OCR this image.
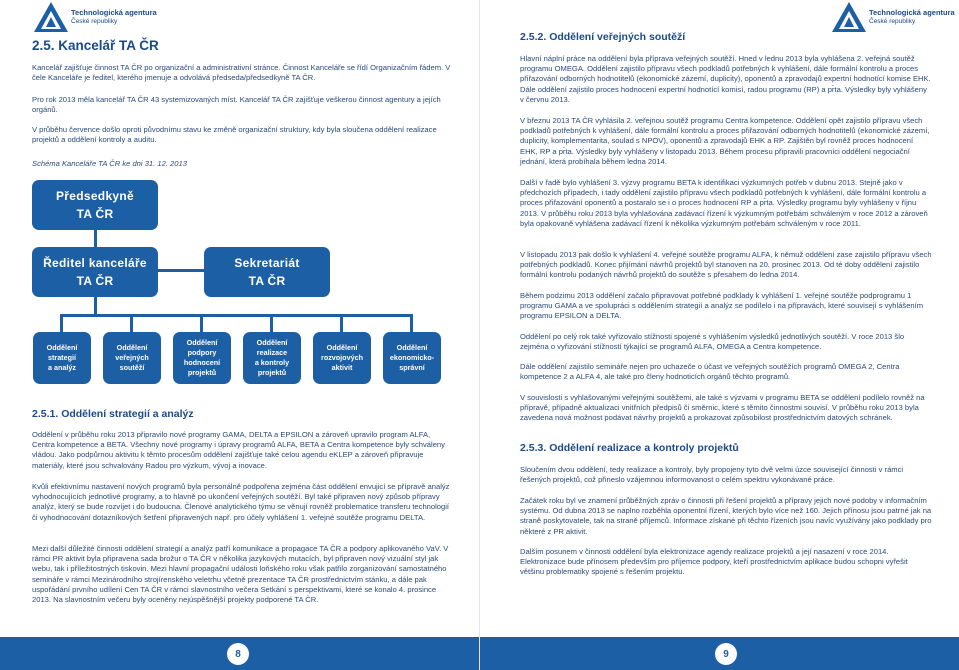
Technologická agentura
České republiky
2.5. Kancelář TA ČR

Kancelář zajišťuje činnost TA ČR po organizační a administrativní stránce. Činnost Kanceláře se řídí Organizačním řádem. V čele Kanceláře je ředitel, kterého jmenuje a odvolává předseda/předsedkyně TA ČR.

Pro rok 2013 měla kancelář TA ČR 43 systemizovaných míst. Kancelář TA ČR zajišťuje veškerou činnost agentury a jejích orgánů.

V průběhu července došlo oproti původnímu stavu ke změně organizační struktury, kdy byla sloučena oddělení realizace projektů a oddělení kontroly a auditu.

Schéma Kanceláře TA ČR ke dni 31. 12. 2013

Předsedkyně
TA ČR
Ředitel kanceláře
TA ČR
Sekretariát
TA ČR
Oddělení
strategií
a analýz
Oddělení
veřejných
soutěží
Oddělení
podpory
hodnocení
projektů
Oddělení
realizace
a kontroly
projektů
Oddělení
rozvojových
aktivit
Oddělení
ekonomicko-
správní
2.5.1. Oddělení strategií a analýz

Oddělení v průběhu roku 2013 připravilo nové programy GAMA, DELTA a EPSILON a zároveň upravilo program ALFA, Centra kompetence a BETA. Všechny nové programy i úpravy programů ALFA, BETA a Centra kompetence byly schváleny vládou. Jako podpůrnou aktivitu k těmto procesům oddělení zajišťuje také celou agendu eKLEP a zároveň připravuje materiály, které jsou schvalovány Radou pro výzkum, vývoj a inovace.

Kvůli efektivnímu nastavení nových programů byla personálně podpořena zejména část oddělení envujicí se přípravě analýz vyhodnocujících jednotlivé programy, a to hlavně po ukončení veřejných soutěží. Byl také připraven nový způsob přípravy analýz, který se bude rozvíjet i do budoucna. Členové analytického týmu se věnují rovněž problematice transferu technologií či vyhodnocování dotazníkových šetření připravených např. pro účely vyhlášení 1. veřejné soutěže programu DELTA.

Mezi další důležité činnosti oddělení strategií a analýz patří komunikace a propagace TA ČR a podpory aplikovaného VaV. V rámci PR aktivit byla připravena sada brožur o TA ČR v několika jazykových mutacích, byl připraven nový vizuální styl jak webu, tak i příležitostných tiskovin. Mezi hlavní propagační události loňského roku však patřilo zorganizování samostatného semináře v rámci Mezinárodního strojírenského veletrhu včetně prezentace TA ČR prostřednictvím stánku, a dále pak uspořádání prvního udílení Cen TA ČR v rámci slavnostního večera Setkání s perspektivami, které se konalo 4. prosince 2013. Na slavnostním večeru byly oceněny nejúspěšnější projekty podporené TA ČR.

8
Technologická agentura
České republiky
2.5.2. Oddělení veřejných soutěží

Hlavní náplní práce na oddělení byla příprava veřejných soutěží. Hned v lednu 2013 byla vyhlášena 2. veřejná soutěž programu OMEGA. Oddělení zajistilo přípravu všech podkladů potřebných k vyhlášení, dále formální kontrolu a proces přiřazování odborných hodnotitelů (ekonomické zázemí, duplicity), oponentů a zpravodajů expertní hodnotící komise EHK. Dále oddělení zajistilo proces hodnocení expertní hodnotící komisí, radou programu (RP) a pr̄ta. Výsledky byly vyhlášeny v červnu 2013.

V březnu 2013 TA ČR vyhlásila 2. veřejnou soutěž programu Centra kompetence. Oddělení opět zajistilo přípravu všech podkladů potřebných k vyhlášení, dále formální kontrolu a proces přiřazování odborných hodnotitelů (ekonomické zázemí, duplicity, komplementarita, soulad s NPOV), oponentů a zpravodajů EHK a RP. Zajištěn byl rovněž proces hodnocení EHK, RP a pr̄ta. Výsledky byly vyhlášeny v listopadu 2013. Během procesu připravili pracovníci oddělení negociační jednání, která probíhala během ledna 2014.

Další v řadě bylo vyhlášení 3. výzvy programu BETA k identifikaci výzkumných potřeb v dubnu 2013. Stejně jako v předchozích případech, i tady oddělení zajistilo přípravu všech podkladů potřebných k vyhlášení, dále formální kontrolu a proces přiřazování oponentů a postaralo se i o proces hodnocení RP a pr̄ta. Výsledky programu byly vyhlášeny v říjnu 2013. V průběhu roku 2013 byla vyhlašována zadávací řízení k výzkumným potřebám schváleným v roce 2012 a zároveň byla opakovaně vyhlášena zadávací řízení k několika výzkumným potřebám schváleným v roce 2011.

V listopadu 2013 pak došlo k vyhlášení 4. veřejné soutěže programu ALFA, k němuž oddělení zase zajistilo přípravu všech potřebných podkladů. Konec přijímání návrhů projektů byl stanoven na 20. prosinec 2013. Od té doby oddělení zajistilo formální kontrolu podaných návrhů projektů do soutěže s přesahem do ledna 2014.

Během podzimu 2013 oddělení začalo připravovat potřebné podklady k vyhlášení 1. veřejné soutěže podprogramu 1 programu GAMA a ve spolupráci s oddělením strategií a analýz se podílelo i na přípravách, které souvisejí s vyhlášením programu EPSILON a DELTA.

Oddělení po celý rok také vyřizovalo stížnosti spojené s vyhlášením výsledků jednotlivých soutěží. V roce 2013 šlo zejména o vyřizování stížností týkající se programů ALFA, OMEGA a Centra kompetence.

Dále oddělení zajistilo semináře nejen pro uchazeče o účast ve veřejných soutěžích programů OMEGA 2, Centra kompetence 2 a ALFA 4, ale také pro členy hodnoticích orgánů těchto programů.

V souvislosti s vyhlašovanými veřejnými soutěžemi, ale také s výzvami v programu BETA se oddělení podílelo rovněž na přípravě, případně aktualizaci vnitřních předpisů či směrnic, které s těmito činnostmi souvisí. V průběhu roku 2013 byla zavedena nová možnost podávat návrhy projektů a prokazovat způsobilost prostřednictvím datových schránek.

2.5.3. Oddělení realizace a kontroly projektů

Sloučením dvou oddělení, tedy realizace a kontroly, byly propojeny tyto dvě velmi úzce související činnosti v rámci řešených projektů, což přineslo vzájemnou informovanost o celém spektru vykonávané práce.

Začátek roku byl ve znamení průběžných zpráv o činnosti při řešení projektů a přípravy jejich nové podoby v informačním systému. Od dubna 2013 se naplno rozběhla oponentní řízení, kterých bylo více než 160. Jejich přínosu jsou patrné jak na straně poskytovatele, tak na straně příjemců. Informace získané při těchto řízeních jsou navíc využívány jako podklady pro některé z PR aktivit.

Dalším posunem v činnosti oddělení byla elektronizace agendy realizace projektů a její nasazení v roce 2014. Elektronizace bude přínosem především pro příjemce podpory, kteří prostřednictvím aplikace budou schopni vyřešit většinu problematiky spojené s řešením projektu.

9
